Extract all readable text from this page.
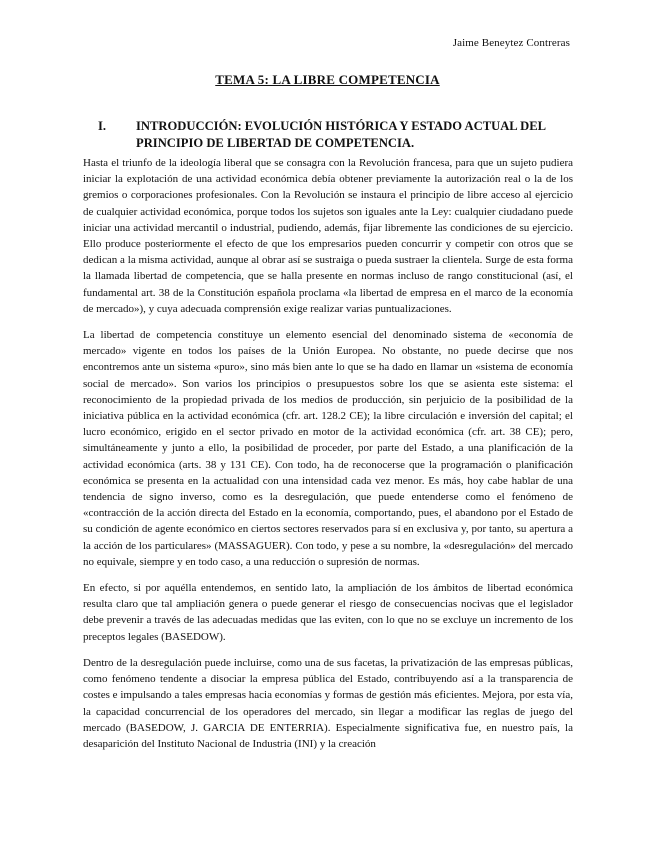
Jaime Beneytez Contreras
TEMA 5: LA LIBRE COMPETENCIA
I. INTRODUCCIÓN: EVOLUCIÓN HISTÓRICA Y ESTADO ACTUAL DEL PRINCIPIO DE LIBERTAD DE COMPETENCIA.

Hasta el triunfo de la ideología liberal que se consagra con la Revolución francesa, para que un sujeto pudiera iniciar la explotación de una actividad económica debía obtener previamente la autorización real o la de los gremios o corporaciones profesionales. Con la Revolución se instaura el principio de libre acceso al ejercicio de cualquier actividad económica, porque todos los sujetos son iguales ante la Ley: cualquier ciudadano puede iniciar una actividad mercantil o industrial, pudiendo, además, fijar libremente las condiciones de su ejercicio. Ello produce posteriormente el efecto de que los empresarios pueden concurrir y competir con otros que se dedican a la misma actividad, aunque al obrar así se sustraiga o pueda sustraer la clientela. Surge de esta forma la llamada libertad de competencia, que se halla presente en normas incluso de rango constitucional (así, el fundamental art. 38 de la Constitución española proclama «la libertad de empresa en el marco de la economía de mercado»), y cuya adecuada comprensión exige realizar varias puntualizaciones.

La libertad de competencia constituye un elemento esencial del denominado sistema de «economía de mercado» vigente en todos los países de la Unión Europea. No obstante, no puede decirse que nos encontremos ante un sistema «puro», sino más bien ante lo que se ha dado en llamar un «sistema de economía social de mercado». Son varios los principios o presupuestos sobre los que se asienta este sistema: el reconocimiento de la propiedad privada de los medios de producción, sin perjuicio de la posibilidad de la iniciativa pública en la actividad económica (cfr. art. 128.2 CE); la libre circulación e inversión del capital; el lucro económico, erigido en el sector privado en motor de la actividad económica (cfr. art. 38 CE); pero, simultáneamente y junto a ello, la posibilidad de proceder, por parte del Estado, a una planificación de la actividad económica (arts. 38 y 131 CE). Con todo, ha de reconocerse que la programación o planificación económica se presenta en la actualidad con una intensidad cada vez menor. Es más, hoy cabe hablar de una tendencia de signo inverso, como es la desregulación, que puede entenderse como el fenómeno de «contracción de la acción directa del Estado en la economía, comportando, pues, el abandono por el Estado de su condición de agente económico en ciertos sectores reservados para sí en exclusiva y, por tanto, su apertura a la acción de los particulares» (MASSAGUER). Con todo, y pese a su nombre, la «desregulación» del mercado no equivale, siempre y en todo caso, a una reducción o supresión de normas.

En efecto, si por aquélla entendemos, en sentido lato, la ampliación de los ámbitos de libertad económica resulta claro que tal ampliación genera o puede generar el riesgo de consecuencias nocivas que el legislador debe prevenir a través de las adecuadas medidas que las eviten, con lo que no se excluye un incremento de los preceptos legales (BASEDOW).

Dentro de la desregulación puede incluirse, como una de sus facetas, la privatización de las empresas públicas, como fenómeno tendente a disociar la empresa pública del Estado, contribuyendo así a la transparencia de costes e impulsando a tales empresas hacia economías y formas de gestión más eficientes. Mejora, por esta vía, la capacidad concurrencial de los operadores del mercado, sin llegar a modificar las reglas de juego del mercado (BASEDOW, J. GARCIA DE ENTERRIA). Especialmente significativa fue, en nuestro país, la desaparición del Instituto Nacional de Industria (INI) y la creación
